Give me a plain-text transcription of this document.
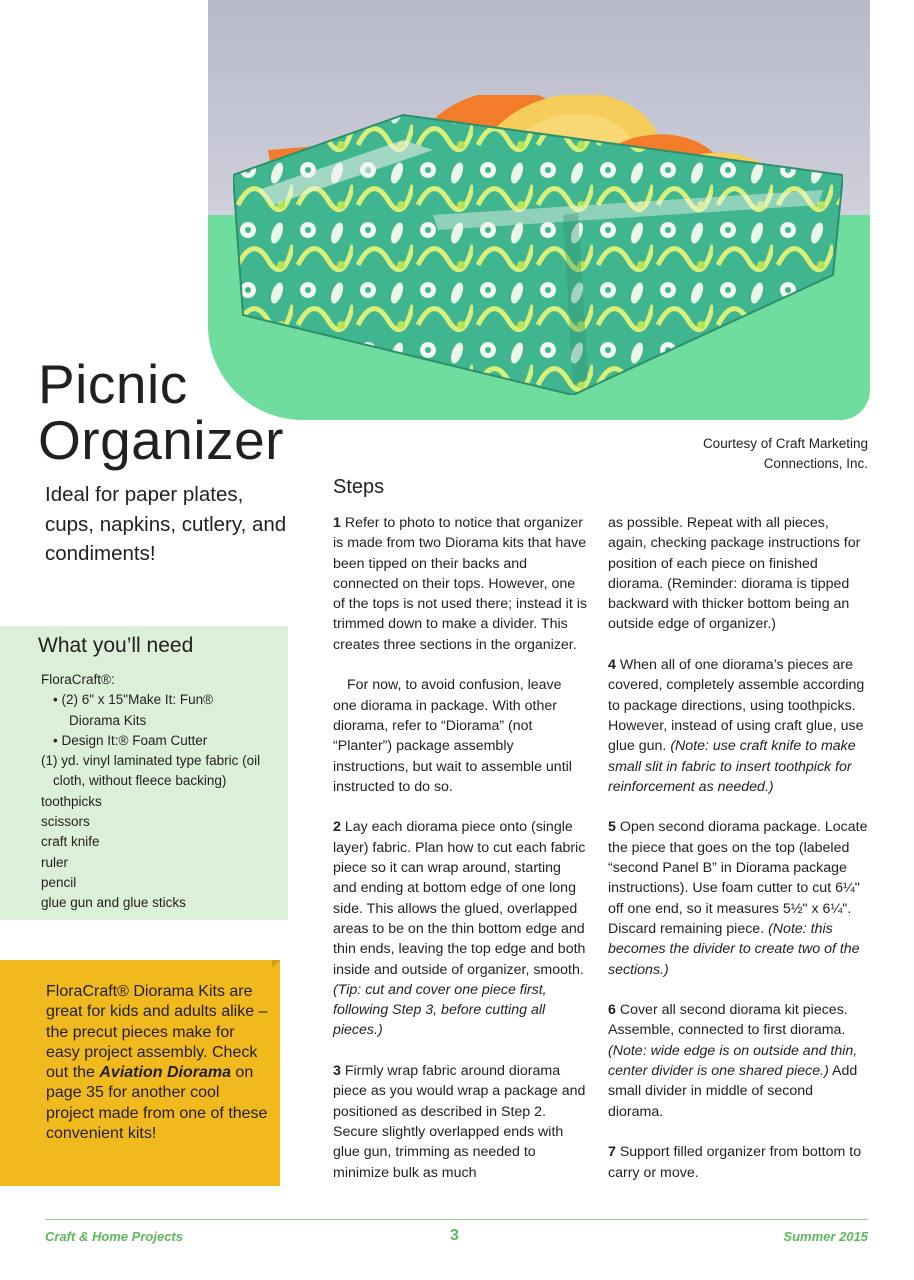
Picnic
Organizer

Ideal for paper plates, cups, napkins, cutlery, and condiments!

Courtesy of Craft Marketing
Connections, Inc.

What you’ll need
FloraCraft®:
• (2) 6" x 15"Make It: Fun®
Diorama Kits
• Design It:® Foam Cutter
(1) yd. vinyl laminated type fabric (oil cloth, without fleece backing)
toothpicks
scissors
craft knife
ruler
pencil
glue gun and glue sticks

FloraCraft® Diorama Kits are great for kids and adults alike – the precut pieces make for easy project assembly. Check out the Aviation Diorama on page 35 for another cool project made from one of these convenient kits!

Steps

1 Refer to photo to notice that organizer is made from two Diorama kits that have been tipped on their backs and connected on their tops. However, one of the tops is not used there; instead it is trimmed down to make a divider. This creates three sections in the organizer.

For now, to avoid confusion, leave one diorama in package. With other diorama, refer to “Diorama” (not “Planter”) package assembly instructions, but wait to assemble until instructed to do so.

2 Lay each diorama piece onto (single layer) fabric. Plan how to cut each fabric piece so it can wrap around, starting and ending at bottom edge of one long side. This allows the glued, overlapped areas to be on the thin bottom edge and thin ends, leaving the top edge and both inside and outside of organizer, smooth. (Tip: cut and cover one piece first, following Step 3, before cutting all pieces.)

3 Firmly wrap fabric around diorama piece as you would wrap a package and positioned as described in Step 2. Secure slightly overlapped ends with glue gun, trimming as needed to minimize bulk as much

as possible. Repeat with all pieces, again, checking package instructions for position of each piece on finished diorama. (Reminder: diorama is tipped backward with thicker bottom being an outside edge of organizer.)

4 When all of one diorama’s pieces are covered, completely assemble according to package directions, using toothpicks. However, instead of using craft glue, use glue gun. (Note: use craft knife to make small slit in fabric to insert toothpick for reinforcement as needed.)

5 Open second diorama package. Locate the piece that goes on the top (labeled “second Panel B” in Diorama package instructions). Use foam cutter to cut 6¼" off one end, so it measures 5½" x 6¼". Discard remaining piece. (Note: this becomes the divider to create two of the sections.)

6 Cover all second diorama kit pieces. Assemble, connected to first diorama. (Note: wide edge is on outside and thin, center divider is one shared piece.) Add small divider in middle of second diorama.

7 Support filled organizer from bottom to carry or move.

Craft & Home Projects	3	Summer 2015
